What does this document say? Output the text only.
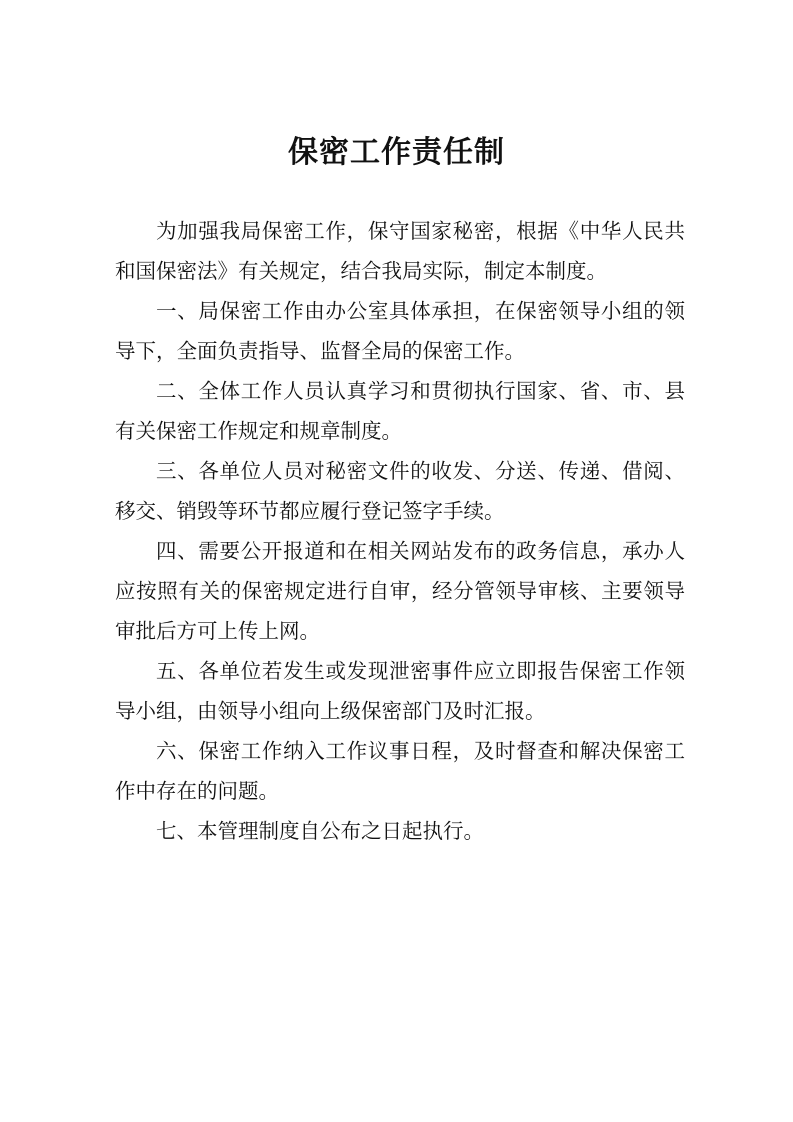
保密工作责任制

为加强我局保密工作，保守国家秘密，根据《中华人民共和国保密法》有关规定，结合我局实际，制定本制度。

一、局保密工作由办公室具体承担，在保密领导小组的领导下，全面负责指导、监督全局的保密工作。

二、全体工作人员认真学习和贯彻执行国家、省、市、县有关保密工作规定和规章制度。

三、各单位人员对秘密文件的收发、分送、传递、借阅、移交、销毁等环节都应履行登记签字手续。

四、需要公开报道和在相关网站发布的政务信息，承办人应按照有关的保密规定进行自审，经分管领导审核、主要领导审批后方可上传上网。

五、各单位若发生或发现泄密事件应立即报告保密工作领导小组，由领导小组向上级保密部门及时汇报。

六、保密工作纳入工作议事日程，及时督查和解决保密工作中存在的问题。

七、本管理制度自公布之日起执行。
